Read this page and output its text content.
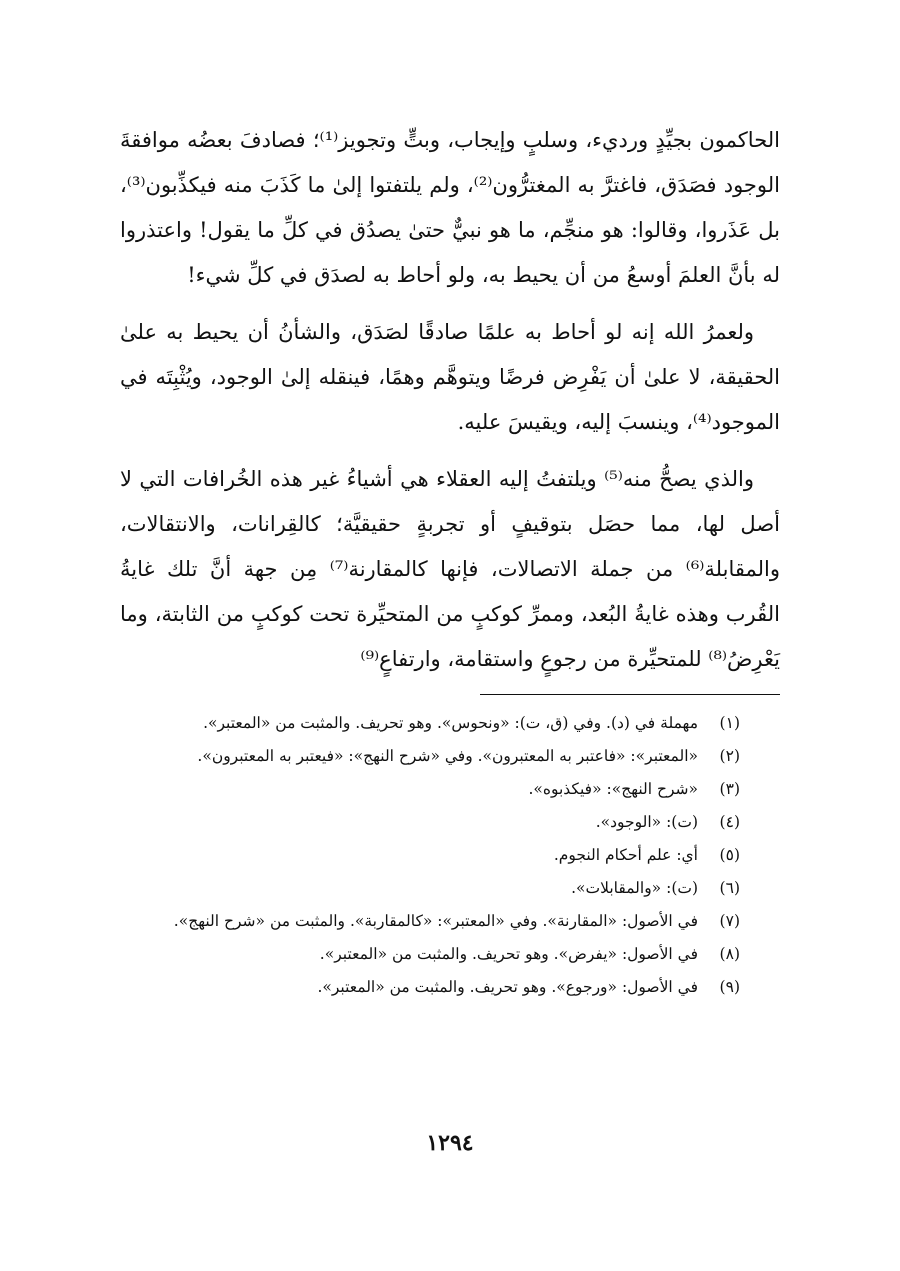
الحاكمون بجيِّدٍ ورديء، وسلبٍ وإيجاب، وبتٍّ وتجويز⁽¹⁾؛ فصادفَ بعضُه موافقةَ الوجود فصَدَق، فاغترَّ به المغترُّون⁽²⁾، ولم يلتفتوا إلىٰ ما كَذَبَ منه فيكذِّبون⁽³⁾، بل عَذَروا، وقالوا: هو منجِّم، ما هو نبيٌّ حتىٰ يصدُق في كلِّ ما يقول! واعتذروا له بأنَّ العلمَ أوسعُ من أن يحيط به، ولو أحاط به لصدَق في كلِّ شيء!

ولعمرُ الله إنه لو أحاط به علمًا صادقًا لصَدَق، والشأنُ أن يحيط به علىٰ الحقيقة، لا علىٰ أن يَفْرِض فرضًا ويتوهَّم وهمًا، فينقله إلىٰ الوجود، ويُثْبِتَه في الموجود⁽⁴⁾، وينسبَ إليه، ويقيسَ عليه.

والذي يصحُّ منه⁽⁵⁾ ويلتفتُ إليه العقلاء هي أشياءُ غير هذه الخُرافات التي لا أصل لها، مما حصَل بتوقيفٍ أو تجربةٍ حقيقيَّة؛ كالقِرانات، والانتقالات، والمقابلة⁽⁶⁾ من جملة الاتصالات، فإنها كالمقارنة⁽⁷⁾ مِن جهة أنَّ تلك غايةُ القُرب وهذه غايةُ البُعد، وممرِّ كوكبٍ من المتحيِّرة تحت كوكبٍ من الثابتة، وما يَعْرِضُ⁽⁸⁾ للمتحيِّرة من رجوعٍ واستقامة، وارتفاعٍ⁽⁹⁾

(١)
مهملة في (د). وفي (ق، ت): «ونحوس». وهو تحريف. والمثبت من «المعتبر».
(٢)
«المعتبر»: «فاعتبر به المعتبرون». وفي «شرح النهج»: «فيعتبر به المعتبرون».
(٣)
«شرح النهج»: «فيكذبوه».
(٤)
(ت): «الوجود».
(٥)
أي: علم أحكام النجوم.
(٦)
(ت): «والمقابلات».
(٧)
في الأصول: «المقارنة». وفي «المعتبر»: «كالمقاربة». والمثبت من «شرح النهج».
(٨)
في الأصول: «يفرض». وهو تحريف. والمثبت من «المعتبر».
(٩)
في الأصول: «ورجوع». وهو تحريف. والمثبت من «المعتبر».
١٢٩٤
